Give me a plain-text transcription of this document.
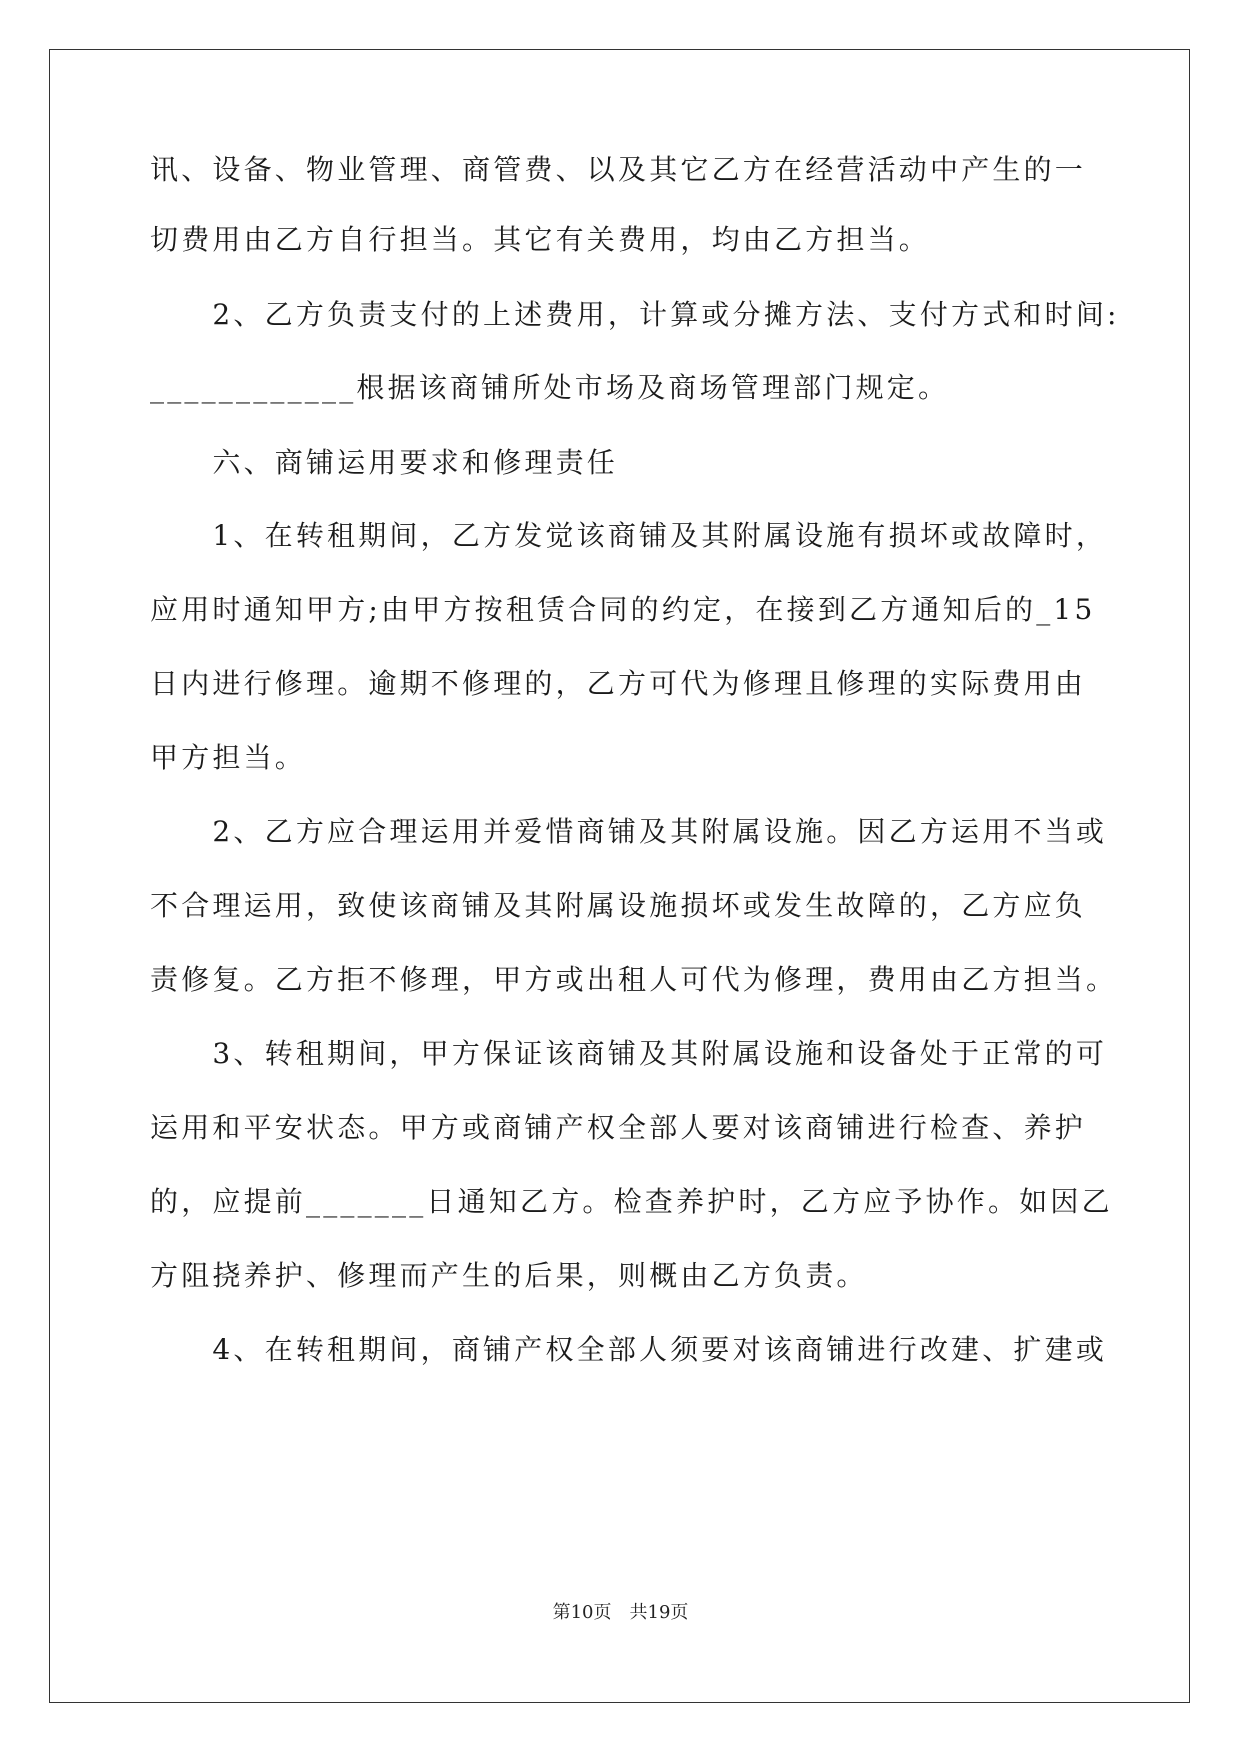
讯、设备、物业管理、商管费、以及其它乙方在经营活动中产生的一
切费用由乙方自行担当。其它有关费用，均由乙方担当。
　　2、乙方负责支付的上述费用，计算或分摊方法、支付方式和时间:
____________根据该商铺所处市场及商场管理部门规定。
　　六、商铺运用要求和修理责任
　　1、在转租期间，乙方发觉该商铺及其附属设施有损坏或故障时，
应用时通知甲方;由甲方按租赁合同的约定，在接到乙方通知后的_15
日内进行修理。逾期不修理的，乙方可代为修理且修理的实际费用由
甲方担当。
　　2、乙方应合理运用并爱惜商铺及其附属设施。因乙方运用不当或
不合理运用，致使该商铺及其附属设施损坏或发生故障的，乙方应负
责修复。乙方拒不修理，甲方或出租人可代为修理，费用由乙方担当。
　　3、转租期间，甲方保证该商铺及其附属设施和设备处于正常的可
运用和平安状态。甲方或商铺产权全部人要对该商铺进行检查、养护
的，应提前_______日通知乙方。检查养护时，乙方应予协作。如因乙
方阻挠养护、修理而产生的后果，则概由乙方负责。
　　4、在转租期间，商铺产权全部人须要对该商铺进行改建、扩建或
第10页　共19页
